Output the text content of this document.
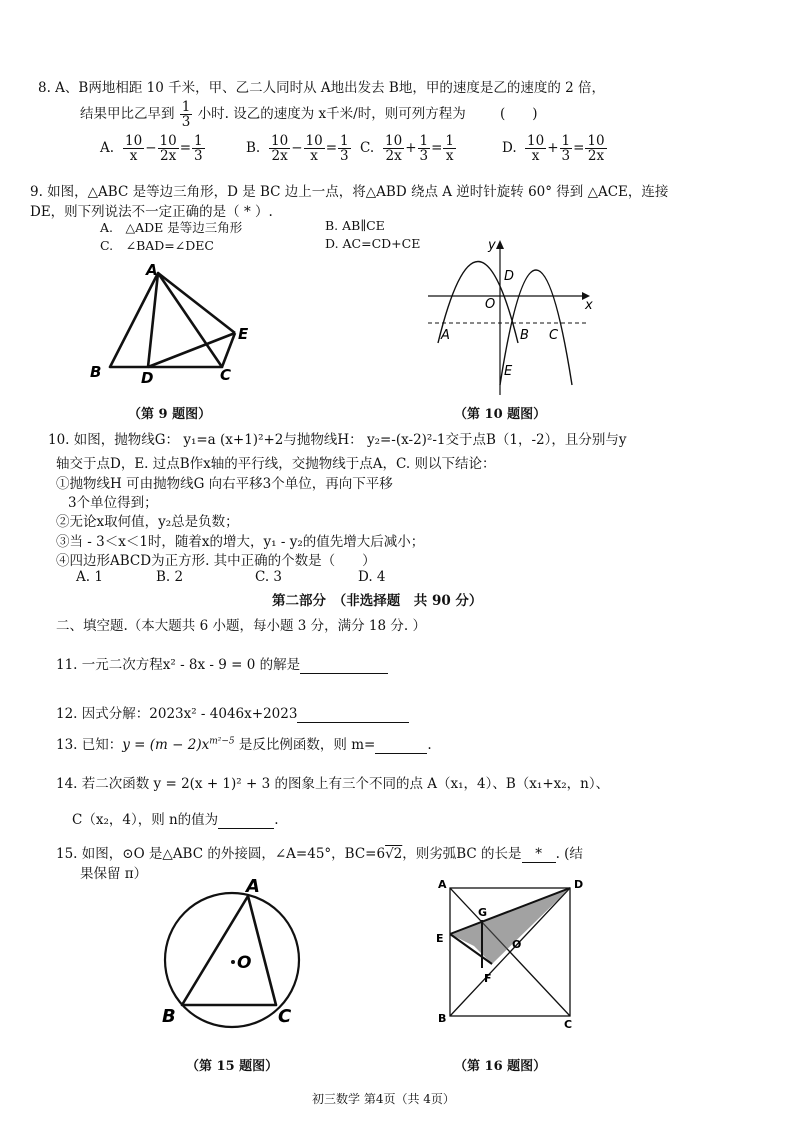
8. A、B两地相距 10 千米，甲、乙二人同时从 A地出发去 B地，甲的速度是乙的速度的 2 倍，
结果甲比乙早到 $\frac{1}{3}$ 小时. 设乙的速度为 x千米/时，则可列方程为	(　　)
A. $\frac{10}{x} - \frac{10}{2x} = \frac{1}{3}$	B. $\frac{10}{2x} - \frac{10}{x} = \frac{1}{3} C$. $\frac{10}{2x} + \frac{1}{3} = \frac{1}{x}$	D. $\frac{10}{x} + \frac{1}{3} = \frac{10}{2x}$
9. 如图，△ABC 是等边三角形，D 是 BC 边上一点，将△ABD 绕点 A 逆时针旋转 60° 得到 △ACE，连接
DE，则下列说法不一定正确的是（ * ）.
A.　△ADE 是等边三角形	B. AB∥CE
C.　∠BAD=∠DEC	D. AC=CD+CE
A
B	D	C
E
（第 9 题图）
y
x
O
D
A	B C
E
（第 10 题图）
10. 如图，抛物线G： y₁=a (x+1)²+2与抛物线H： y₂=-(x-2)²-1交于点B（1，-2），且分别与y
轴交于点D，E. 过点B作x轴的平行线，交抛物线于点A，C. 则以下结论：
①抛物线H 可由抛物线G 向右平移3个单位，再向下平移
3个单位得到；
②无论x取何值，y₂总是负数；
③当 - 3＜x＜1时，随着x的增大，y₁ - y₂的值先增大后减小；
④四边形ABCD为正方形. 其中正确的个数是（　　）
A. 1	B. 2	C. 3	D. 4
第二部分　（非选择题　共 90 分）
二、填空题.（本大题共 6 小题，每小题 3 分，满分 18 分. ）
11. 一元二次方程x² - 8x - 9 = 0 的解是
12. 因式分解：2023x² - 4046x+2023
13. 已知：$y = (m - 2)x^{m^2-5}$ 是反比例函数，则 m=	.
14. 若二次函数 y = 2(x + 1)² + 3 的图象上有三个不同的点 A（x₁，4）、B（x₁+x₂，n）、
C（x₂，4），则 n的值为	.
15. 如图，⊙O 是△ABC 的外接圆，∠A=45°，BC=6√2，则劣弧BC 的长是 * . (结
果保留 π）
A
B	C
O
（第 15 题图）
A	D
B	C
E
G
F
O
（第 16 题图）
初三数学 第4页（共 4页）
